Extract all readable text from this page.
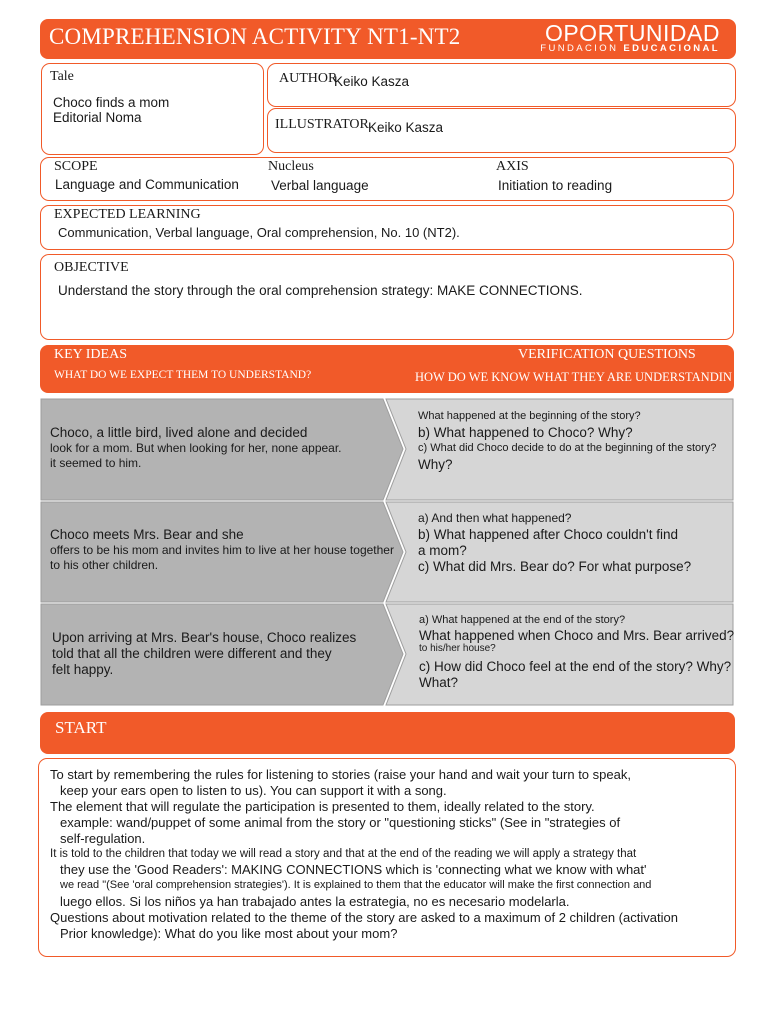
COMPREHENSION ACTIVITY NT1-NT2	OPORTUNIDAD
FUNDACION EDUCACIONAL
Tale
Choco finds a mom
Editorial Noma
AUTHOR
Keiko Kasza
ILLUSTRATOR Keiko Kasza
SCOPE
Language and Communication
Nucleus
Verbal language
AXIS
Initiation to reading
EXPECTED LEARNING
Communication, Verbal language, Oral comprehension, No. 10 (NT2).
OBJECTIVE
Understand the story through the oral comprehension strategy: MAKE CONNECTIONS.
KEY IDEAS
WHAT DO WE EXPECT THEM TO UNDERSTAND?
VERIFICATION QUESTIONS
HOW DO WE KNOW WHAT THEY ARE UNDERSTANDIN
Choco, a little bird, lived alone and decided
look for a mom. But when looking for her, none appear.
it seemed to him.
What happened at the beginning of the story?
b) What happened to Choco? Why?
c) What did Choco decide to do at the beginning of the story?
Why?
Choco meets Mrs. Bear and she
offers to be his mom and invites him to live at her house together
to his other children.
a) And then what happened?
b) What happened after Choco couldn't find
a mom?
c) What did Mrs. Bear do? For what purpose?
Upon arriving at Mrs. Bear's house, Choco realizes
told that all the children were different and they
felt happy.
a) What happened at the end of the story?
What happened when Choco and Mrs. Bear arrived?
to his/her house?
c) How did Choco feel at the end of the story? Why?
What?
START
To start by remembering the rules for listening to stories (raise your hand and wait your turn to speak,
keep your ears open to listen to us). You can support it with a song.
The element that will regulate the participation is presented to them, ideally related to the story.
example: wand/puppet of some animal from the story or "questioning sticks" (See in "strategies of
self-regulation.
It is told to the children that today we will read a story and that at the end of the reading we will apply a strategy that
they use the 'Good Readers': MAKING CONNECTIONS which is 'connecting what we know with what'
we read "(See 'oral comprehension strategies'). It is explained to them that the educator will make the first connection and
luego ellos. Si los niños ya han trabajado antes la estrategia, no es necesario modelarla.
Questions about motivation related to the theme of the story are asked to a maximum of 2 children (activation
Prior knowledge): What do you like most about your mom?
